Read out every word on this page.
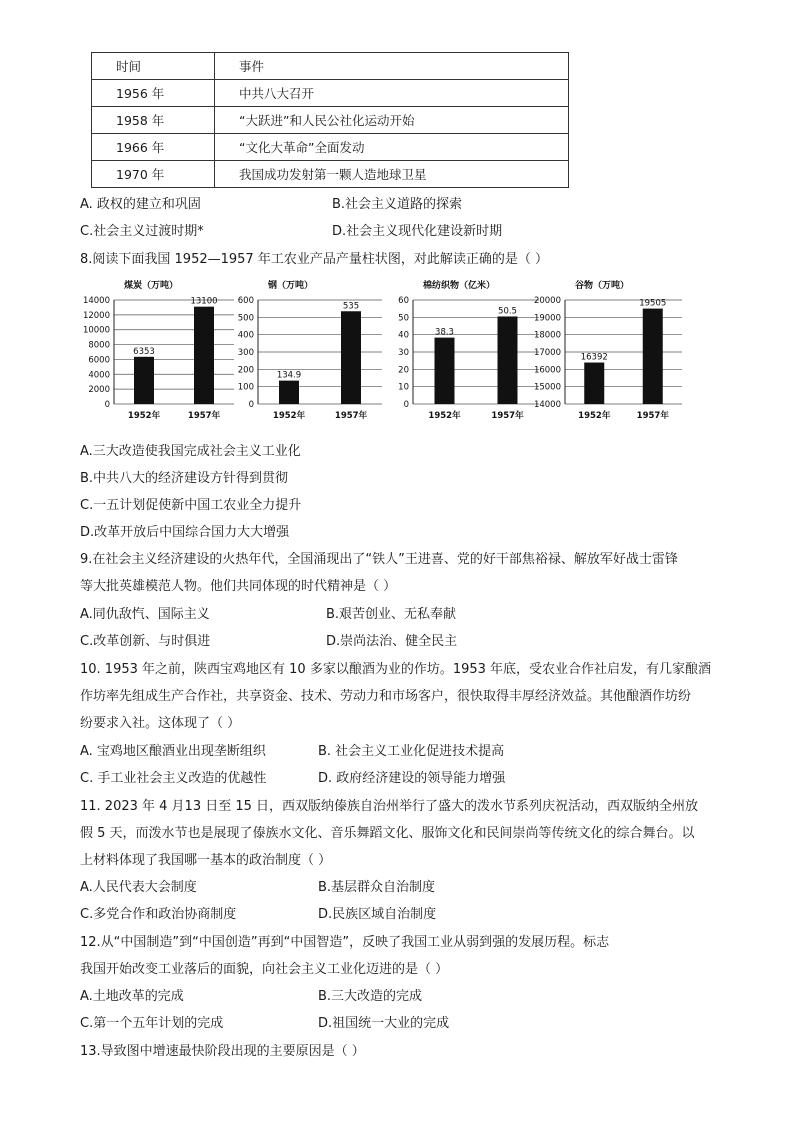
时间	事件
1956 年	中共八大召开
1958 年	“大跃进”和人民公社化运动开始
1966 年	“文化大革命”全面发动
1970 年	我国成功发射第一颗人造地球卫星
A. 政权的建立和巩固	B.社会主义道路的探索
C.社会主义过渡时期*	D.社会主义现代化建设新时期
8.阅读下面我国 1952—1957 年工农业产品产量柱状图，对此解读正确的是（ ）
煤炭（万吨）
0
2000
4000
6000
8000
10000
12000
14000
6353
1952年
13100
1957年
钢（万吨）
0
100
200
300
400
500
600
134.9
1952年
535
1957年
棉纺织物（亿米）
0
10
20
30
40
50
60
38.3
1952年
50.5
1957年
谷物（万吨）
14000
15000
16000
17000
18000
19000
20000
16392
1952年
19505
1957年
A.三大改造使我国完成社会主义工业化
B.中共八大的经济建设方针得到贯彻
C.一五计划促使新中国工农业全力提升
D.改革开放后中国综合国力大大增强
9.在社会主义经济建设的火热年代，全国涌现出了“铁人”王进喜、党的好干部焦裕禄、解放军好战士雷锋
等大批英雄模范人物。他们共同体现的时代精神是（ ）
A.同仇敌忾、国际主义	B.艰苦创业、无私奉献
C.改革创新、与时俱进	D.崇尚法治、健全民主
10. 1953 年之前，陕西宝鸡地区有 10 多家以酿酒为业的作坊。1953 年底，受农业合作社启发，有几家酿酒
作坊率先组成生产合作社，共享资金、技术、劳动力和市场客户，很快取得丰厚经济效益。其他酿酒作坊纷
纷要求入社。这体现了（ ）
A. 宝鸡地区酿酒业出现垄断组织	B. 社会主义工业化促进技术提高
C. 手工业社会主义改造的优越性	D. 政府经济建设的领导能力增强
11. 2023 年 4 月13 日至 15 日，西双版纳傣族自治州举行了盛大的泼水节系列庆祝活动，西双版纳全州放
假 5 天，而泼水节也是展现了傣族水文化、音乐舞蹈文化、服饰文化和民间崇尚等传统文化的综合舞台。以
上材料体现了我国哪一基本的政治制度（ ）
A.人民代表大会制度	B.基层群众自治制度
C.多党合作和政治协商制度	D.民族区域自治制度
12.从“中国制造”到“中国创造”再到“中国智造”，反映了我国工业从弱到强的发展历程。标志
我国开始改变工业落后的面貌，向社会主义工业化迈进的是（ ）
A.土地改革的完成	B.三大改造的完成
C.第一个五年计划的完成	D.祖国统一大业的完成
13.导致图中增速最快阶段出现的主要原因是（ ）
